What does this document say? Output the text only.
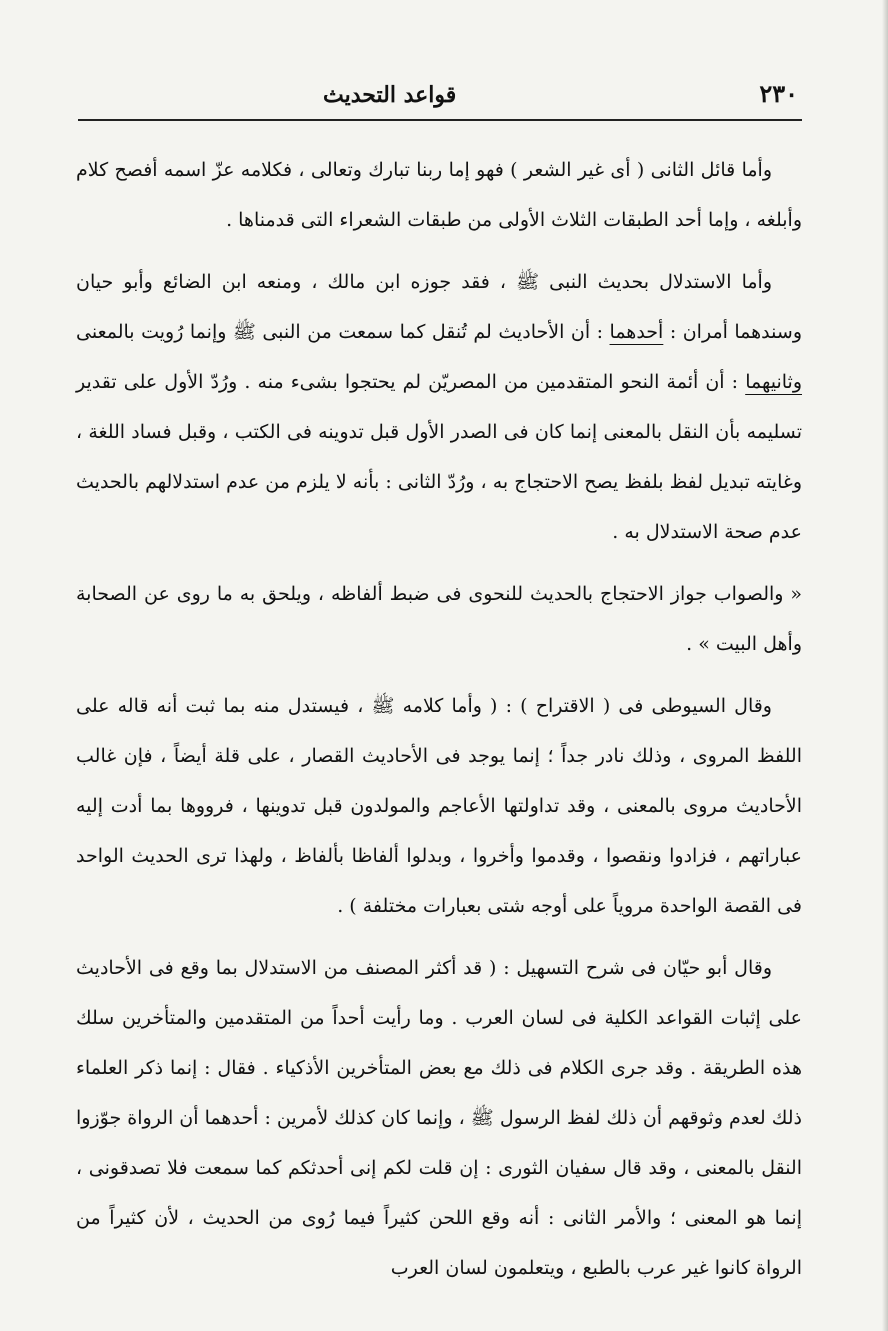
٢٣٠
قواعد التحديث

وأما قائل الثانى ( أى غير الشعر ) فهو إما ربنا تبارك وتعالى ، فكلامه عزّ اسمه أفصح كلام وأبلغه ، وإما أحد الطبقات الثلاث الأولى من طبقات الشعراء التى قدمناها .

وأما الاستدلال بحديث النبى ﷺ ، فقد جوزه ابن مالك ، ومنعه ابن الضائع وأبو حيان وسندهما أمران : أحدهما : أن الأحاديث لم تُنقل كما سمعت من النبى ﷺ وإنما رُويت بالمعنى وثانيهما : أن أئمة النحو المتقدمين من المصريّن لم يحتجوا بشىء منه . ورُدّ الأول على تقدير تسليمه بأن النقل بالمعنى إنما كان فى الصدر الأول قبل تدوينه فى الكتب ، وقبل فساد اللغة ، وغايته تبديل لفظ بلفظ يصح الاحتجاج به ، ورُدّ الثانى : بأنه لا يلزم من عدم استدلالهم بالحديث عدم صحة الاستدلال به .

« والصواب جواز الاحتجاج بالحديث للنحوى فى ضبط ألفاظه ، ويلحق به ما روى عن الصحابة وأهل البيت » .

وقال السيوطى فى ( الاقتراح ) : ( وأما كلامه ﷺ ، فيستدل منه بما ثبت أنه قاله على اللفظ المروى ، وذلك نادر جداً ؛ إنما يوجد فى الأحاديث القصار ، على قلة أيضاً ، فإن غالب الأحاديث مروى بالمعنى ، وقد تداولتها الأعاجم والمولدون قبل تدوينها ، فرووها بما أدت إليه عباراتهم ، فزادوا ونقصوا ، وقدموا وأخروا ، وبدلوا ألفاظا بألفاظ ، ولهذا ترى الحديث الواحد فى القصة الواحدة مروياً على أوجه شتى بعبارات مختلفة ) .

وقال أبو حيّان فى شرح التسهيل : ( قد أكثر المصنف من الاستدلال بما وقع فى الأحاديث على إثبات القواعد الكلية فى لسان العرب . وما رأيت أحداً من المتقدمين والمتأخرين سلك هذه الطريقة . وقد جرى الكلام فى ذلك مع بعض المتأخرين الأذكياء . فقال : إنما ذكر العلماء ذلك لعدم وثوقهم أن ذلك لفظ الرسول ﷺ ، وإنما كان كذلك لأمرين : أحدهما أن الرواة جوّزوا النقل بالمعنى ، وقد قال سفيان الثورى : إن قلت لكم إنى أحدثكم كما سمعت فلا تصدقونى ، إنما هو المعنى ؛ والأمر الثانى : أنه وقع اللحن كثيراً فيما رُوى من الحديث ، لأن كثيراً من الرواة كانوا غير عرب بالطبع ، ويتعلمون لسان العرب
